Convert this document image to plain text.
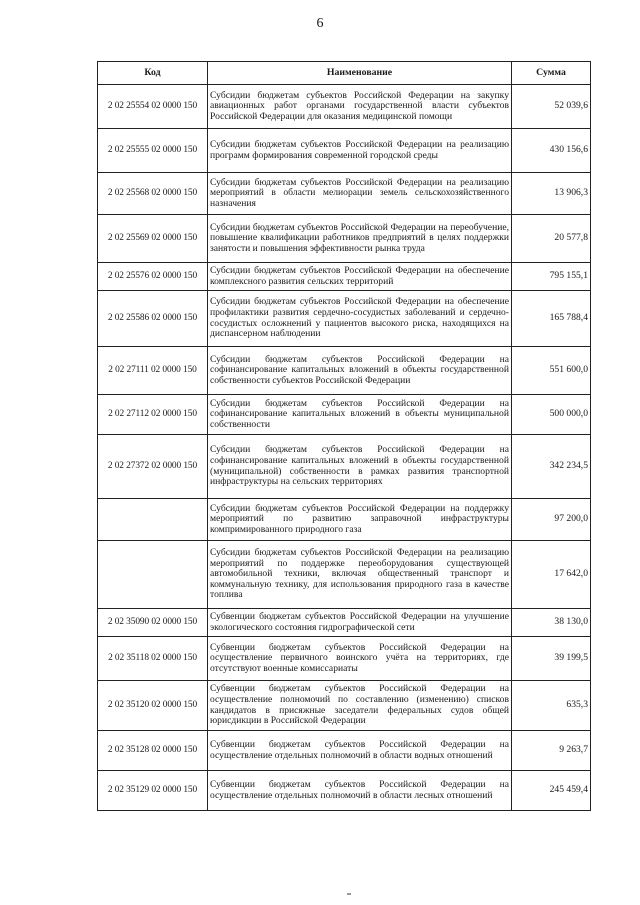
6
Код	Наименование	Сумма
2 02 25554 02 0000 150	Субсидии бюджетам субъектов Российской Федерации на закупку авиационных работ органами государственной власти субъектов Российской Федерации для оказания медицинской помощи	52 039,6
2 02 25555 02 0000 150	Субсидии бюджетам субъектов Российской Федерации на реализацию программ формирования современной городской среды	430 156,6
2 02 25568 02 0000 150	Субсидии бюджетам субъектов Российской Федерации на реализацию мероприятий в области мелиорации земель сельскохозяйственного назначения	13 906,3
2 02 25569 02 0000 150	Субсидии бюджетам субъектов Российской Федерации на переобучение, повышение квалификации работников предприятий в целях поддержки занятости и повышения эффективности рынка труда	20 577,8
2 02 25576 02 0000 150	Субсидии бюджетам субъектов Российской Федерации на обеспечение комплексного развития сельских территорий	795 155,1
2 02 25586 02 0000 150	Субсидии бюджетам субъектов Российской Федерации на обеспечение профилактики развития сердечно-сосудистых заболеваний и сердечно-сосудистых осложнений у пациентов высокого риска, находящихся на диспансерном наблюдении	165 788,4
2 02 27111 02 0000 150	Субсидии бюджетам субъектов Российской Федерации на софинансирование капитальных вложений в объекты государственной собственности субъектов Российской Федерации	551 600,0
2 02 27112 02 0000 150	Субсидии бюджетам субъектов Российской Федерации на софинансирование капитальных вложений в объекты муниципальной собственности	500 000,0
2 02 27372 02 0000 150	Субсидии бюджетам субъектов Российской Федерации на софинансирование капитальных вложений в объекты государственной (муниципальной) собственности в рамках развития транспортной инфраструктуры на сельских территориях	342 234,5
	Субсидии бюджетам субъектов Российской Федерации на поддержку мероприятий по развитию заправочной инфраструктуры компримированного природного газа	97 200,0
	Субсидии бюджетам субъектов Российской Федерации на реализацию мероприятий по поддержке переоборудования существующей автомобильной техники, включая общественный транспорт и коммунальную технику, для использования природного газа в качестве топлива	17 642,0
2 02 35090 02 0000 150	Субвенции бюджетам субъектов Российской Федерации на улучшение экологического состояния гидрографической сети	38 130,0
2 02 35118 02 0000 150	Субвенции бюджетам субъектов Российской Федерации на осуществление первичного воинского учёта на территориях, где отсутствуют военные комиссариаты	39 199,5
2 02 35120 02 0000 150	Субвенции бюджетам субъектов Российской Федерации на осуществление полномочий по составлению (изменению) списков кандидатов в присяжные заседатели федеральных судов общей юрисдикции в Российской Федерации	635,3
2 02 35128 02 0000 150	Субвенции бюджетам субъектов Российской Федерации на осуществление отдельных полномочий в области водных отношений	9 263,7
2 02 35129 02 0000 150	Субвенции бюджетам субъектов Российской Федерации на осуществление отдельных полномочий в области лесных отношений	245 459,4
